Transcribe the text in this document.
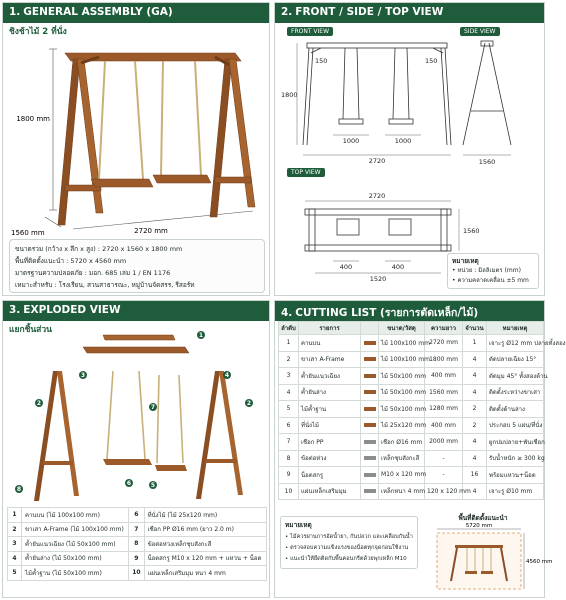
1. GENERAL ASSEMBLY (GA)
ชิงช้าไม้ 2 ที่นั่ง
1800 mm
1560 mm	2720 mm
ขนาดรวม (กว้าง x ลึก x สูง) : 2720 x 1560 x 1800 mm
พื้นที่ติดตั้งแนะนำ : 5720 x 4560 mm
มาตรฐานความปลอดภัย : มอก. 685 เล่ม 1 / EN 1176
เหมาะสำหรับ : โรงเรียน, สวนสาธารณะ, หมู่บ้านจัดสรร, รีสอร์ท
2. FRONT / SIDE / TOP VIEW
FRONT VIEW	SIDE VIEW
TOP VIEW
1800
2720
1000	1000
150	150
1560
2720
1560
400	400
1520
หมายเหตุ
• หน่วย : มิลลิเมตร (mm)
• ความคลาดเคลื่อน ±5 mm
3. EXPLODED VIEW
แยกชิ้นส่วน
1
2	2
3	4
5
6
7
8
1	คานบน (ไม้ 100x100 mm)	6	ที่นั่งไม้ (ไม้ 25x120 mm)
2	ขาเสา A-Frame (ไม้ 100x100 mm)	7	เชือก PP Ø16 mm (ยาว 2.0 m)
3	ค้ำยันแนวเฉียง (ไม้ 50x100 mm)	8	ข้อต่อห่วงเหล็กชุบสังกะสี
4	ค้ำยันล่าง (ไม้ 50x100 mm)	9	น็อตสกรู M10 x 120 mm + แหวน + น็อต
5	ไม้ค้ำฐาน (ไม้ 50x100 mm)	10	แผ่นเหล็กเสริมมุม หนา 4 mm
4. CUTTING LIST (รายการตัดเหล็ก/ไม้)
ลำดับ	รายการ		ขนาด/วัสดุ	ความยาว	จำนวน	หมายเหตุ
1	คานบน		ไม้ 100x100 mm	2720 mm	1	เจาะรู Ø12 mm ปลายทั้งสอง
2	ขาเสา A-Frame		ไม้ 100x100 mm	1800 mm	4	ตัดปลายเฉียง 15°
3	ค้ำยันแนวเฉียง		ไม้ 50x100 mm	400 mm	4	ตัดมุม 45° ทั้งสองด้าน
4	ค้ำยันล่าง		ไม้ 50x100 mm	1560 mm	4	ติดตั้งระหว่างขาเสา
5	ไม้ค้ำฐาน		ไม้ 50x100 mm	1280 mm	2	ติดตั้งด้านล่าง
6	ที่นั่งไม้		ไม้ 25x120 mm	400 mm	2	ประกอบ 5 แผ่น/ที่นั่ง
7	เชือก PP		เชือก Ø16 mm	2000 mm	4	ผูกปมปลาย+พันเชือก
8	ข้อต่อห่วง		เหล็กชุบสังกะสี	-	4	รับน้ำหนัก ≥ 300 kg
9	น็อตสกรู		M10 x 120 mm	-	16	พร้อมแหวน+น็อต
10	แผ่นเหล็กเสริมมุม		เหล็กหนา 4 mm	120 x 120 mm	4	เจาะรู Ø10 mm
หมายเหตุ
• ไม้ควรผ่านการอัดน้ำยา, กันปลวก และเคลือบกันน้ำ
• ตรวจสอบความแข็งแรงของน็อตทุกจุดก่อนใช้งาน
• แนะนำให้ยึดติดกับพื้นคอนกรีตด้วยพุกเหล็ก M10
พื้นที่ติดตั้งแนะนำ
5720 mm
4560 mm
